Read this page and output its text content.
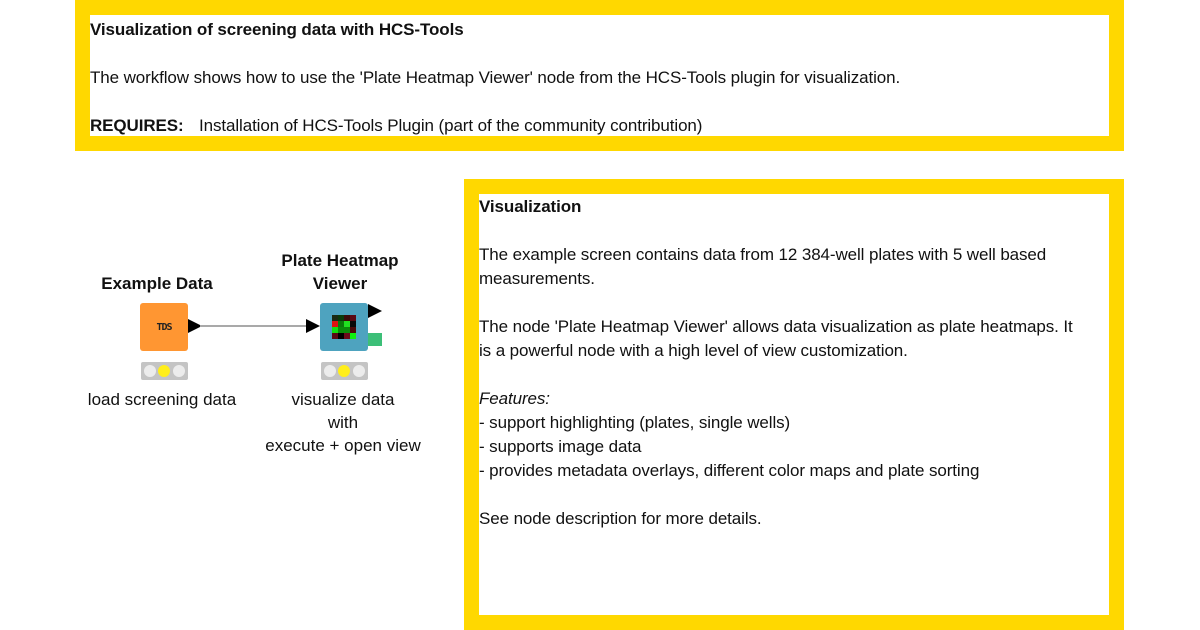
Visualization of screening data with HCS-Tools
The workflow shows how to use the 'Plate Heatmap Viewer' node from the HCS-Tools plugin for visualization.
REQUIRES: Installation of HCS-Tools Plugin (part of the community contribution)
Example Data
TDS
load screening data
Plate Heatmap
Viewer
visualize data
with
execute + open view
Visualization
The example screen contains data from 12 384-well plates with 5 well based measurements.
The node 'Plate Heatmap Viewer' allows data visualization as plate heatmaps. It is a powerful node with a high level of view customization.
Features:
- support highlighting (plates, single wells)
- supports image data
- provides metadata overlays, different color maps and plate sorting
See node description for more details.
